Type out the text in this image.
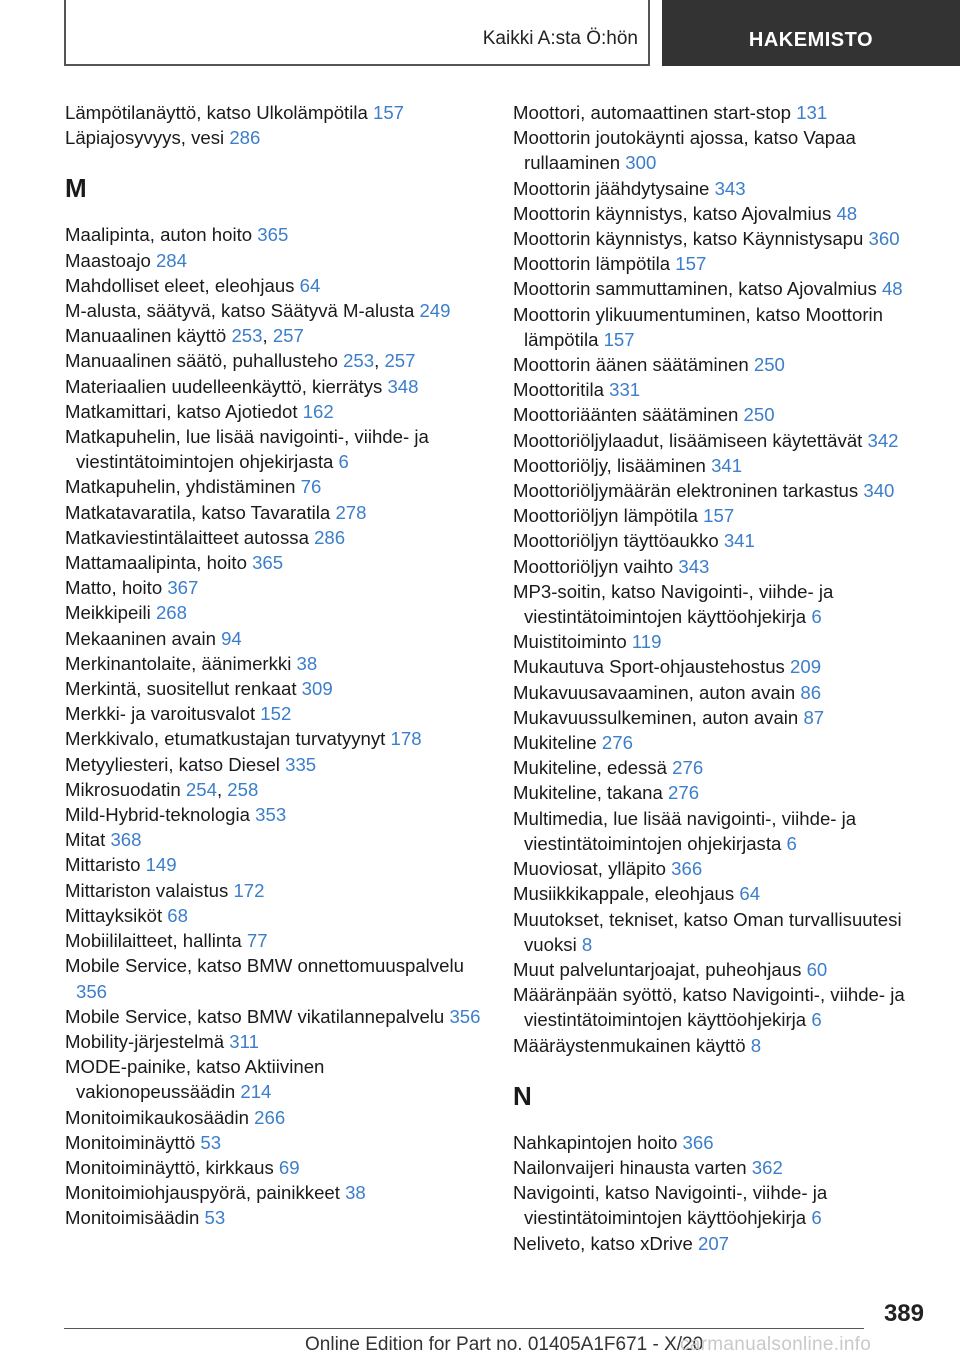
Kaikki A:sta Ö:hön	HAKEMISTO
Lämpötilanäyttö, katso Ulkolämpötila 157
Läpiajosyvyys, vesi 286
M
Maalipinta, auton hoito 365
Maastoajo 284
Mahdolliset eleet, eleohjaus 64
M-alusta, säätyvä, katso Säätyvä M-alusta 249
Manuaalinen käyttö 253, 257
Manuaalinen säätö, puhallusteho 253, 257
Materiaalien uudelleenkäyttö, kierrätys 348
Matkamittari, katso Ajotiedot 162
Matkapuhelin, lue lisää navigointi-, viihde- ja viestintätoimintojen ohjekirjasta 6
Matkapuhelin, yhdistäminen 76
Matkatavaratila, katso Tavaratila 278
Matkaviestintälaitteet autossa 286
Mattamaalipinta, hoito 365
Matto, hoito 367
Meikkipeili 268
Mekaaninen avain 94
Merkinantolaite, äänimerkki 38
Merkintä, suositellut renkaat 309
Merkki- ja varoitusvalot 152
Merkkivalo, etumatkustajan turvatyynyt 178
Metyyliesteri, katso Diesel 335
Mikrosuodatin 254, 258
Mild-Hybrid-teknologia 353
Mitat 368
Mittaristo 149
Mittariston valaistus 172
Mittayksiköt 68
Mobiililaitteet, hallinta 77
Mobile Service, katso BMW onnettomuuspalvelu 356
Mobile Service, katso BMW vikatilannepalvelu 356
Mobility-järjestelmä 311
MODE-painike, katso Aktiivinen vakionopeussäädin 214
Monitoimikaukosäädin 266
Monitoiminäyttö 53
Monitoiminäyttö, kirkkaus 69
Monitoimiohjauspyörä, painikkeet 38
Monitoimisäädin 53
Moottori, automaattinen start-stop 131
Moottorin joutokäynti ajossa, katso Vapaa rullaaminen 300
Moottorin jäähdytysaine 343
Moottorin käynnistys, katso Ajovalmius 48
Moottorin käynnistys, katso Käynnistysapu 360
Moottorin lämpötila 157
Moottorin sammuttaminen, katso Ajovalmius 48
Moottorin ylikuumentuminen, katso Moottorin lämpötila 157
Moottorin äänen säätäminen 250
Moottoritila 331
Moottoriäänten säätäminen 250
Moottoriöljylaadut, lisäämiseen käytettävät 342
Moottoriöljy, lisääminen 341
Moottoriöljymäärän elektroninen tarkastus 340
Moottoriöljyn lämpötila 157
Moottoriöljyn täyttöaukko 341
Moottoriöljyn vaihto 343
MP3-soitin, katso Navigointi-, viihde- ja viestintätoimintojen käyttöohjekirja 6
Muistitoiminto 119
Mukautuva Sport-ohjaustehostus 209
Mukavuusavaaminen, auton avain 86
Mukavuussulkeminen, auton avain 87
Mukiteline 276
Mukiteline, edessä 276
Mukiteline, takana 276
Multimedia, lue lisää navigointi-, viihde- ja viestintätoimintojen ohjekirjasta 6
Muoviosat, ylläpito 366
Musiikkikappale, eleohjaus 64
Muutokset, tekniset, katso Oman turvallisuutesi vuoksi 8
Muut palveluntarjoajat, puheohjaus 60
Määränpään syöttö, katso Navigointi-, viihde- ja viestintätoimintojen käyttöohjekirja 6
Määräystenmukainen käyttö 8
N
Nahkapintojen hoito 366
Nailonvaijeri hinausta varten 362
Navigointi, katso Navigointi-, viihde- ja viestintätoimintojen käyttöohjekirja 6
Neliveto, katso xDrive 207
389
Online Edition for Part no. 01405A1F671 - X/20
carmanualsonline.info
